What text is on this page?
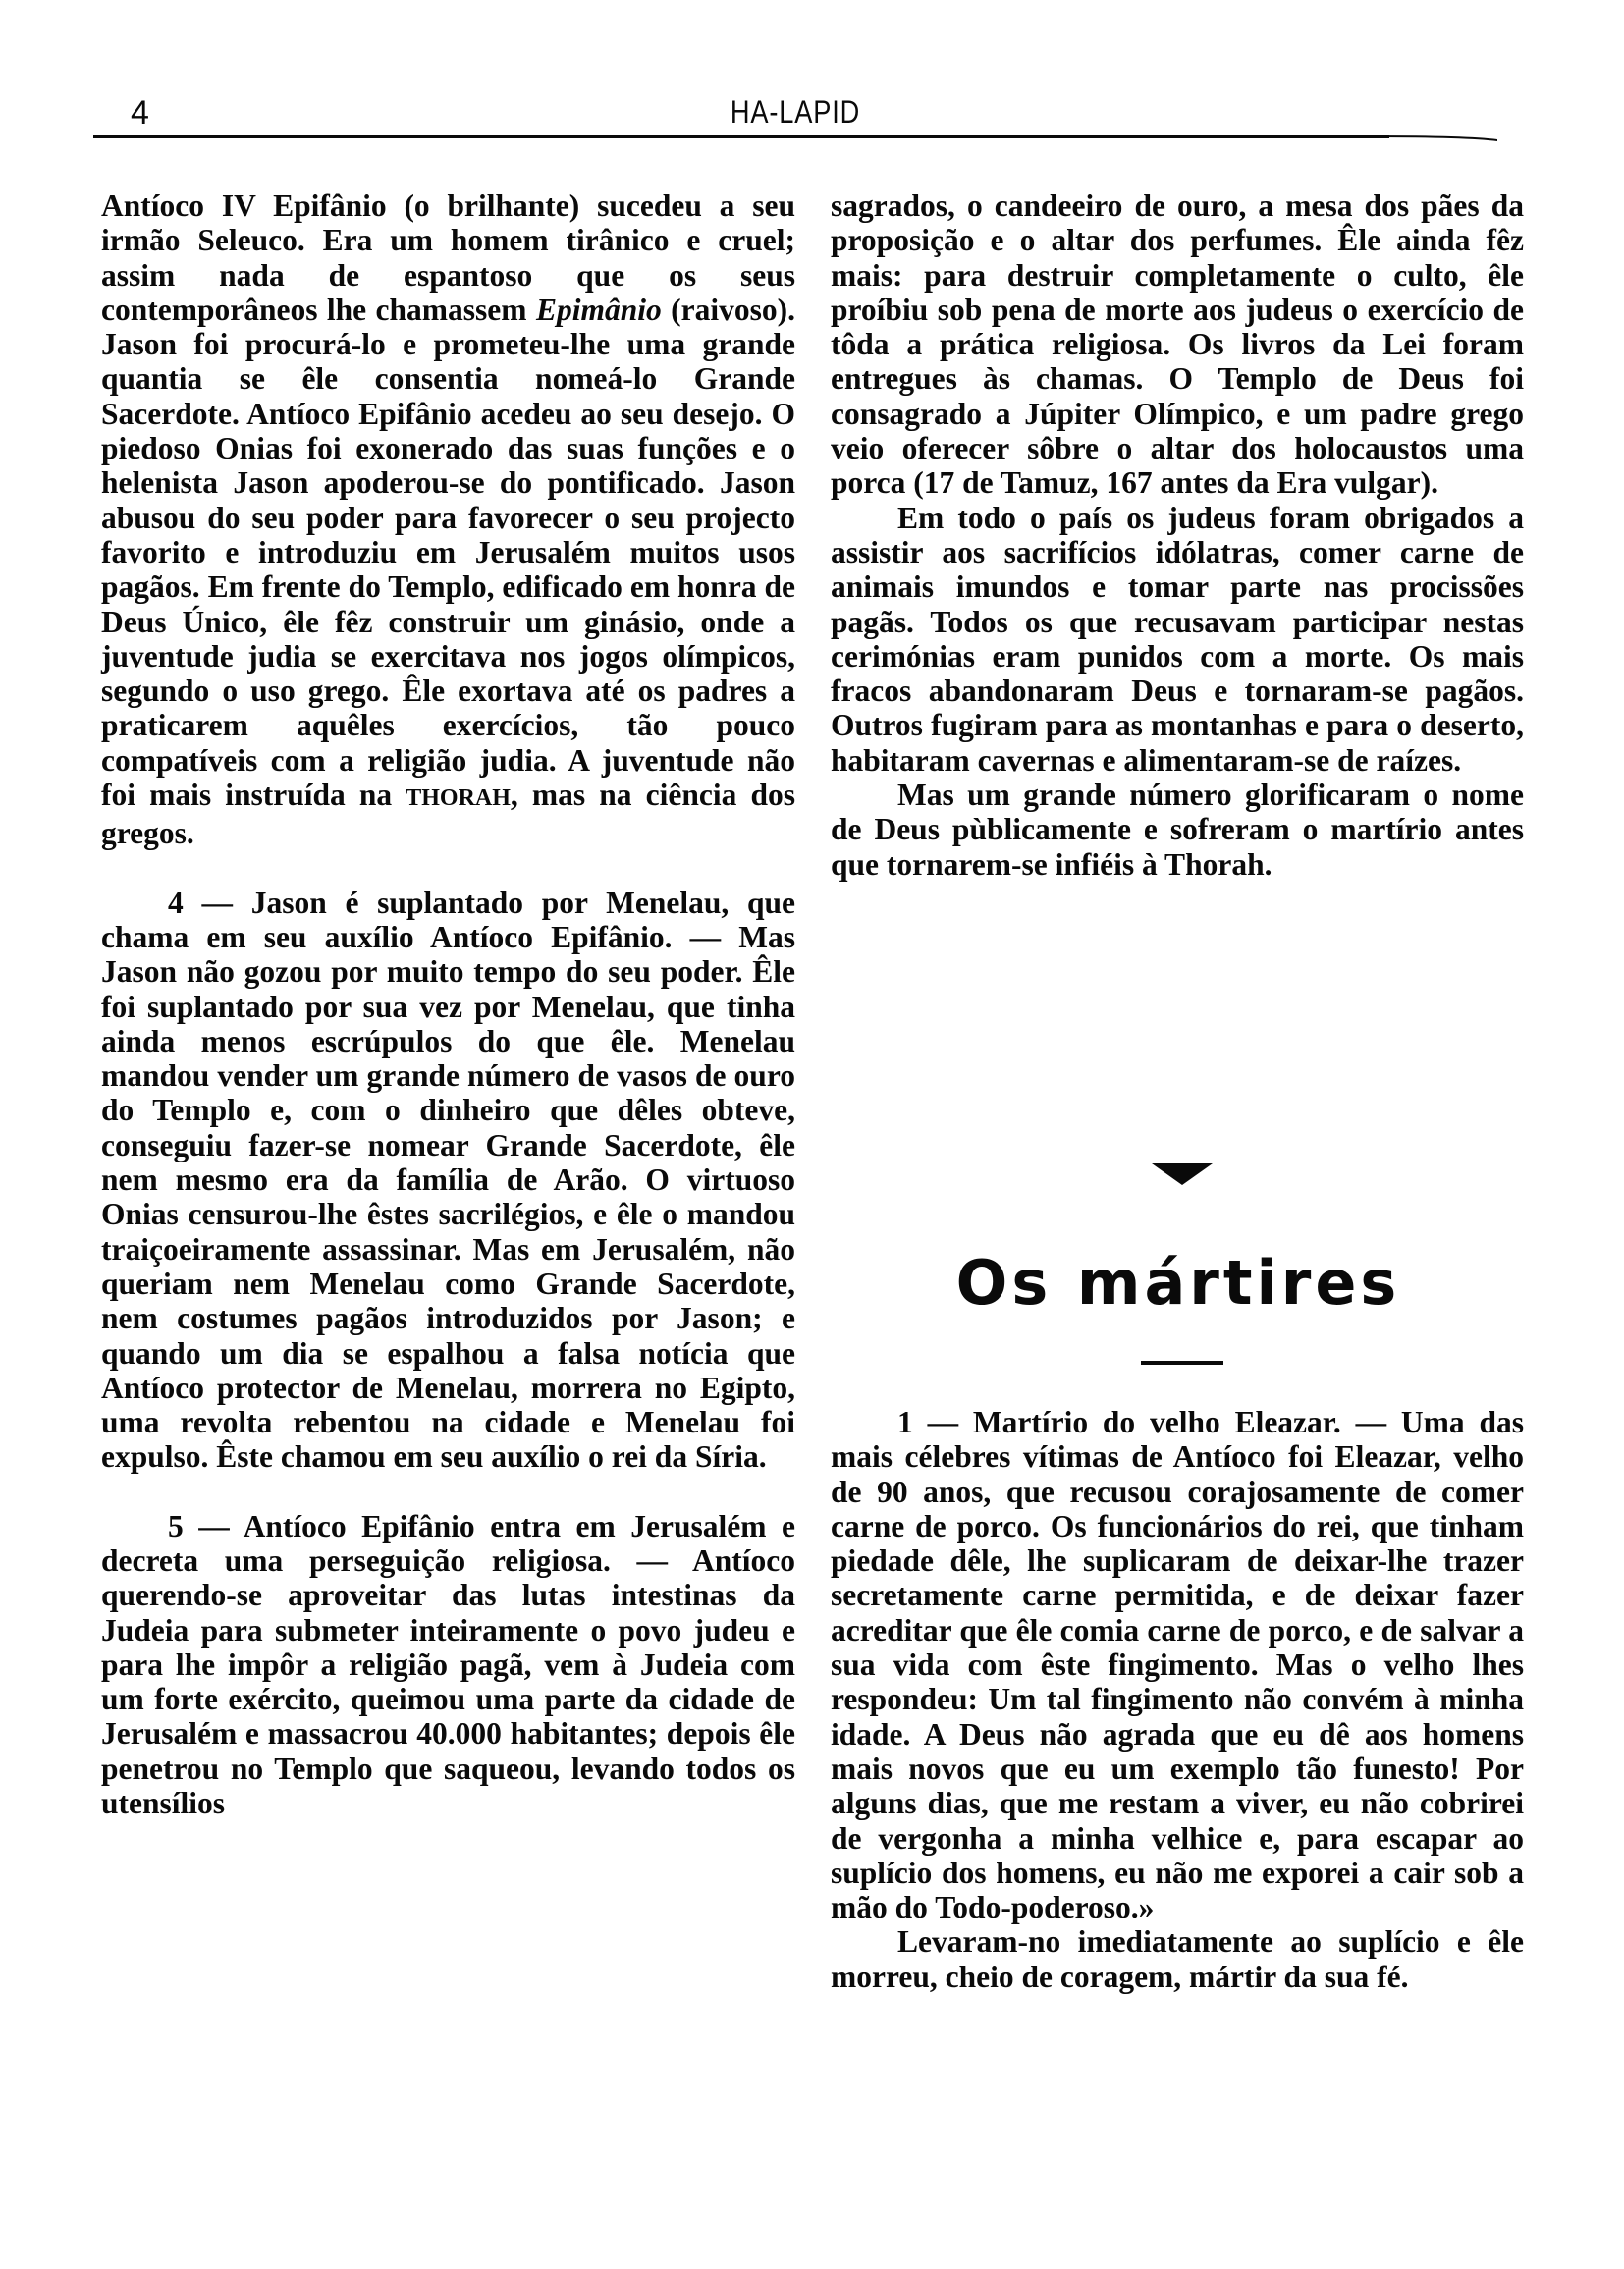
4	HA-LAPID

Antíoco IV Epifânio (o brilhante) sucedeu a seu irmão Seleuco. Era um homem tirânico e cruel; assim nada de espantoso que os seus contemporâneos lhe chamassem Epimânio (raivoso). Jason foi procurá-lo e prometeu-lhe uma grande quantia se êle consentia nomeá-lo Grande Sacerdote. Antíoco Epifânio acedeu ao seu desejo. O piedoso Onias foi exonerado das suas funções e o helenista Jason apoderou-se do pontificado. Jason abusou do seu poder para favorecer o seu projecto favorito e introduziu em Jerusalém muitos usos pagãos. Em frente do Templo, edificado em honra de Deus Único, êle fêz construir um ginásio, onde a juventude judia se exercitava nos jogos olímpicos, segundo o uso grego. Êle exortava até os padres a praticarem aquêles exercícios, tão pouco compatíveis com a religião judia. A juventude não foi mais instruída na THORAH, mas na ciência dos gregos.

4 — Jason é suplantado por Menelau, que chama em seu auxílio Antíoco Epifânio. — Mas Jason não gozou por muito tempo do seu poder. Êle foi suplantado por sua vez por Menelau, que tinha ainda menos escrúpulos do que êle. Menelau mandou vender um grande número de vasos de ouro do Templo e, com o dinheiro que dêles obteve, conseguiu fazer-se nomear Grande Sacerdote, êle nem mesmo era da família de Arão. O virtuoso Onias censurou-lhe êstes sacrilégios, e êle o mandou traiçoeiramente assassinar. Mas em Jerusalém, não queriam nem Menelau como Grande Sacerdote, nem costumes pagãos introduzidos por Jason; e quando um dia se espalhou a falsa notícia que Antíoco protector de Menelau, morrera no Egipto, uma revolta rebentou na cidade e Menelau foi expulso. Êste chamou em seu auxílio o rei da Síria.

5 — Antíoco Epifânio entra em Jerusalém e decreta uma perseguição religiosa. — Antíoco querendo-se aproveitar das lutas intestinas da Judeia para submeter inteiramente o povo judeu e para lhe impôr a religião pagã, vem à Judeia com um forte exército, queimou uma parte da cidade de Jerusalém e massacrou 40.000 habitantes; depois êle penetrou no Templo que saqueou, levando todos os utensílios

sagrados, o candeeiro de ouro, a mesa dos pães da proposição e o altar dos perfumes. Êle ainda fêz mais: para destruir completamente o culto, êle proíbiu sob pena de morte aos judeus o exercício de tôda a prática religiosa. Os livros da Lei foram entregues às chamas. O Templo de Deus foi consagrado a Júpiter Olímpico, e um padre grego veio oferecer sôbre o altar dos holocaustos uma porca (17 de Tamuz, 167 antes da Era vulgar).

Em todo o país os judeus foram obrigados a assistir aos sacrifícios idólatras, comer carne de animais imundos e tomar parte nas procissões pagãs. Todos os que recusavam participar nestas cerimónias eram punidos com a morte. Os mais fracos abandonaram Deus e tornaram-se pagãos. Outros fugiram para as montanhas e para o deserto, habitaram cavernas e alimentaram-se de raízes.

Mas um grande número glorificaram o nome de Deus pùblicamente e sofreram o martírio antes que tornarem-se infiéis à Thorah.

Os mártires

1 — Martírio do velho Eleazar. — Uma das mais célebres vítimas de Antíoco foi Eleazar, velho de 90 anos, que recusou corajosamente de comer carne de porco. Os funcionários do rei, que tinham piedade dêle, lhe suplicaram de deixar-lhe trazer secretamente carne permitida, e de deixar fazer acreditar que êle comia carne de porco, e de salvar a sua vida com êste fingimento. Mas o velho lhes respondeu: Um tal fingimento não convém à minha idade. A Deus não agrada que eu dê aos homens mais novos que eu um exemplo tão funesto! Por alguns dias, que me restam a viver, eu não cobrirei de vergonha a minha velhice e, para escapar ao suplício dos homens, eu não me exporei a cair sob a mão do Todo-poderoso.»

Levaram-no imediatamente ao suplício e êle morreu, cheio de coragem, mártir da sua fé.
